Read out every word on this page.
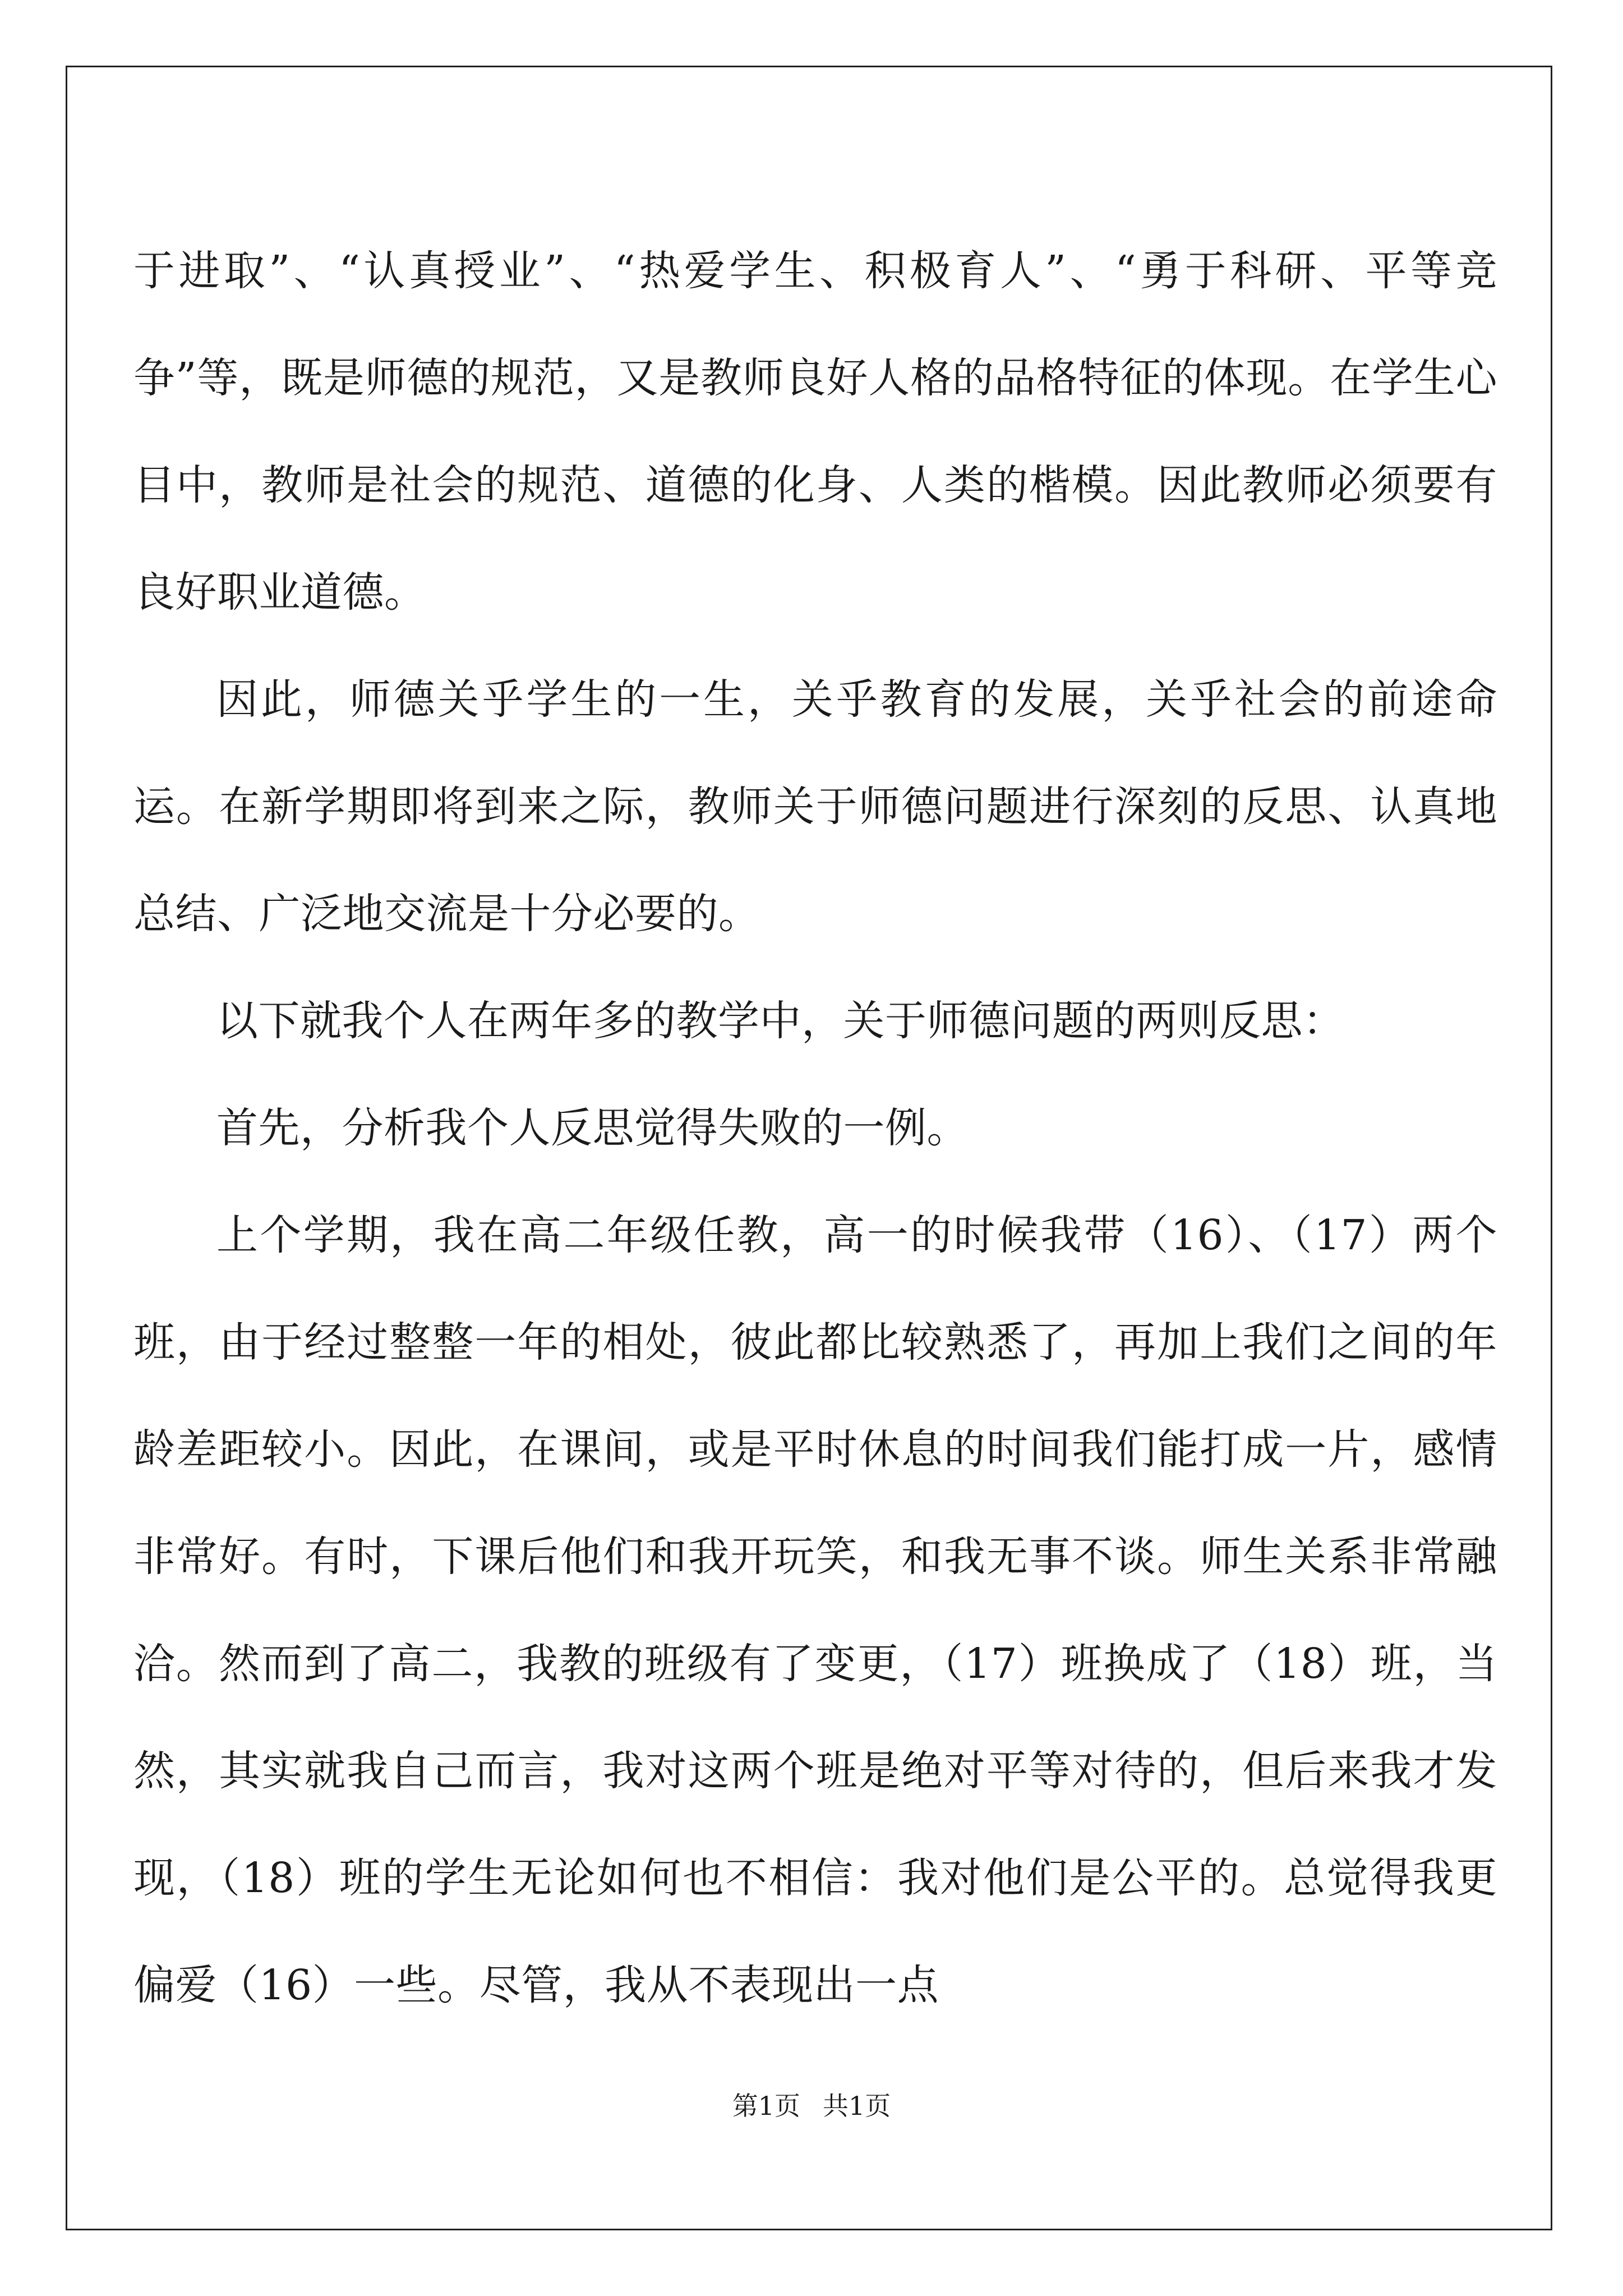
于进取”、“认真授业”、“热爱学生、积极育人”、“勇于科研、平等竞争”等，既是师德的规范，又是教师良好人格的品格特征的体现。在学生心目中，教师是社会的规范、道德的化身、人类的楷模。因此教师必须要有良好职业道德。

因此，师德关乎学生的一生，关乎教育的发展，关乎社会的前途命运。在新学期即将到来之际，教师关于师德问题进行深刻的反思、认真地总结、广泛地交流是十分必要的。

以下就我个人在两年多的教学中，关于师德问题的两则反思：

首先，分析我个人反思觉得失败的一例。

上个学期，我在高二年级任教，高一的时候我带（16）、（17）两个班，由于经过整整一年的相处，彼此都比较熟悉了，再加上我们之间的年龄差距较小。因此，在课间，或是平时休息的时间我们能打成一片，感情非常好。有时，下课后他们和我开玩笑，和我无事不谈。师生关系非常融洽。然而到了高二，我教的班级有了变更，（17）班换成了（18）班，当然，其实就我自己而言，我对这两个班是绝对平等对待的，但后来我才发现，（18）班的学生无论如何也不相信：我对他们是公平的。总觉得我更偏爱（16）一些。尽管，我从不表现出一点

第1页 共1页
